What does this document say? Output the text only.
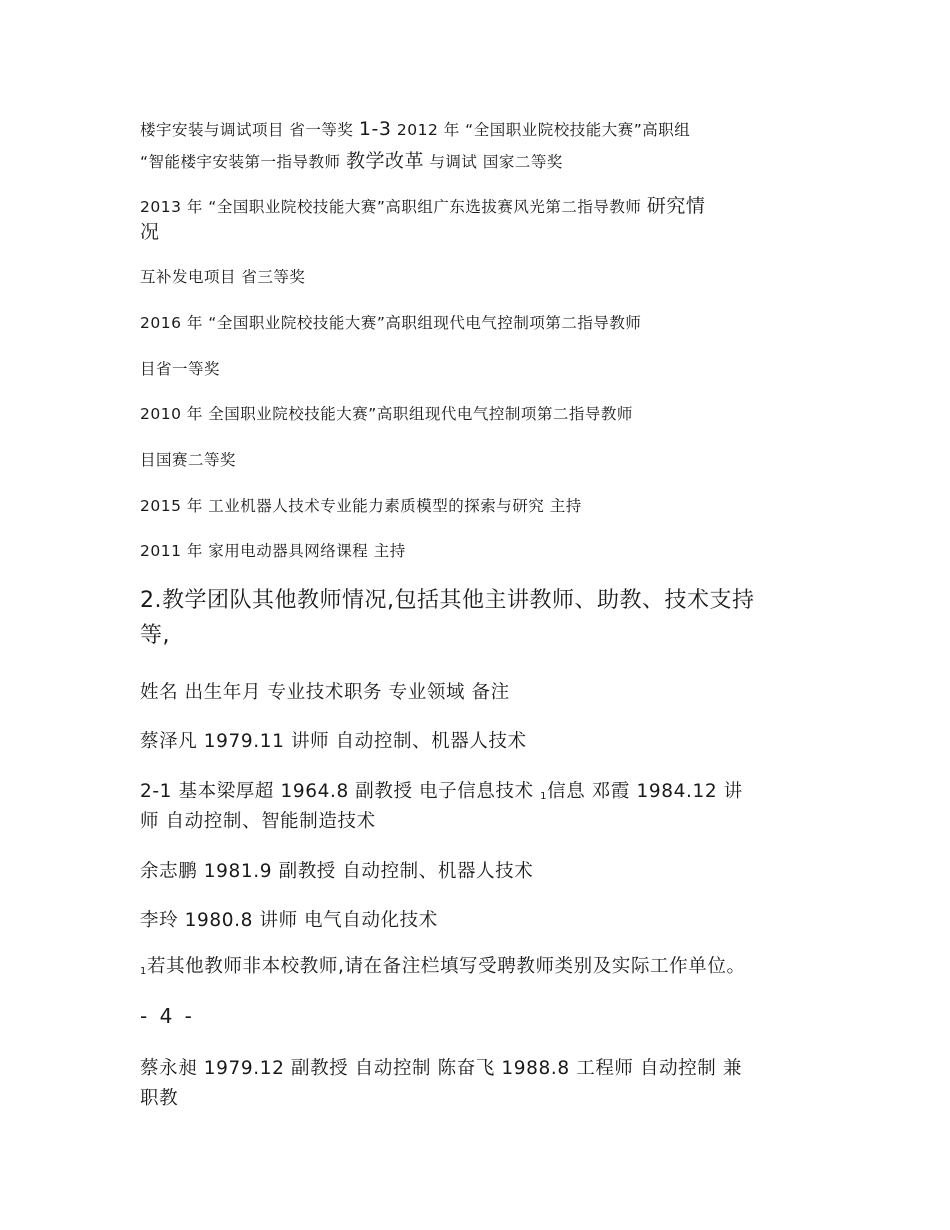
楼宇安装与调试项目 省一等奖 1-3 2012 年 “全国职业院校技能大赛”高职组

“智能楼宇安装第一指导教师 教学改革 与调试 国家二等奖

2013 年 “全国职业院校技能大赛”高职组广东选拔赛风光第二指导教师 研究情

况

互补发电项目 省三等奖

2016 年 “全国职业院校技能大赛”高职组现代电气控制项第二指导教师

目省一等奖

2010 年 全国职业院校技能大赛”高职组现代电气控制项第二指导教师

目国赛二等奖

2015 年 工业机器人技术专业能力素质模型的探索与研究 主持

2011 年 家用电动器具网络课程 主持

2.教学团队其他教师情况,包括其他主讲教师、助教、技术支持

等,

姓名 出生年月 专业技术职务 专业领域 备注

蔡泽凡 1979.11 讲师 自动控制、机器人技术

2-1 基本梁厚超 1964.8 副教授 电子信息技术 1信息 邓霞 1984.12 讲

师 自动控制、智能制造技术

余志鹏 1981.9 副教授 自动控制、机器人技术

李玲 1980.8 讲师 电气自动化技术

1若其他教师非本校教师,请在备注栏填写受聘教师类别及实际工作单位。

- 4 -

蔡永昶 1979.12 副教授 自动控制 陈奋飞 1988.8 工程师 自动控制 兼

职教
